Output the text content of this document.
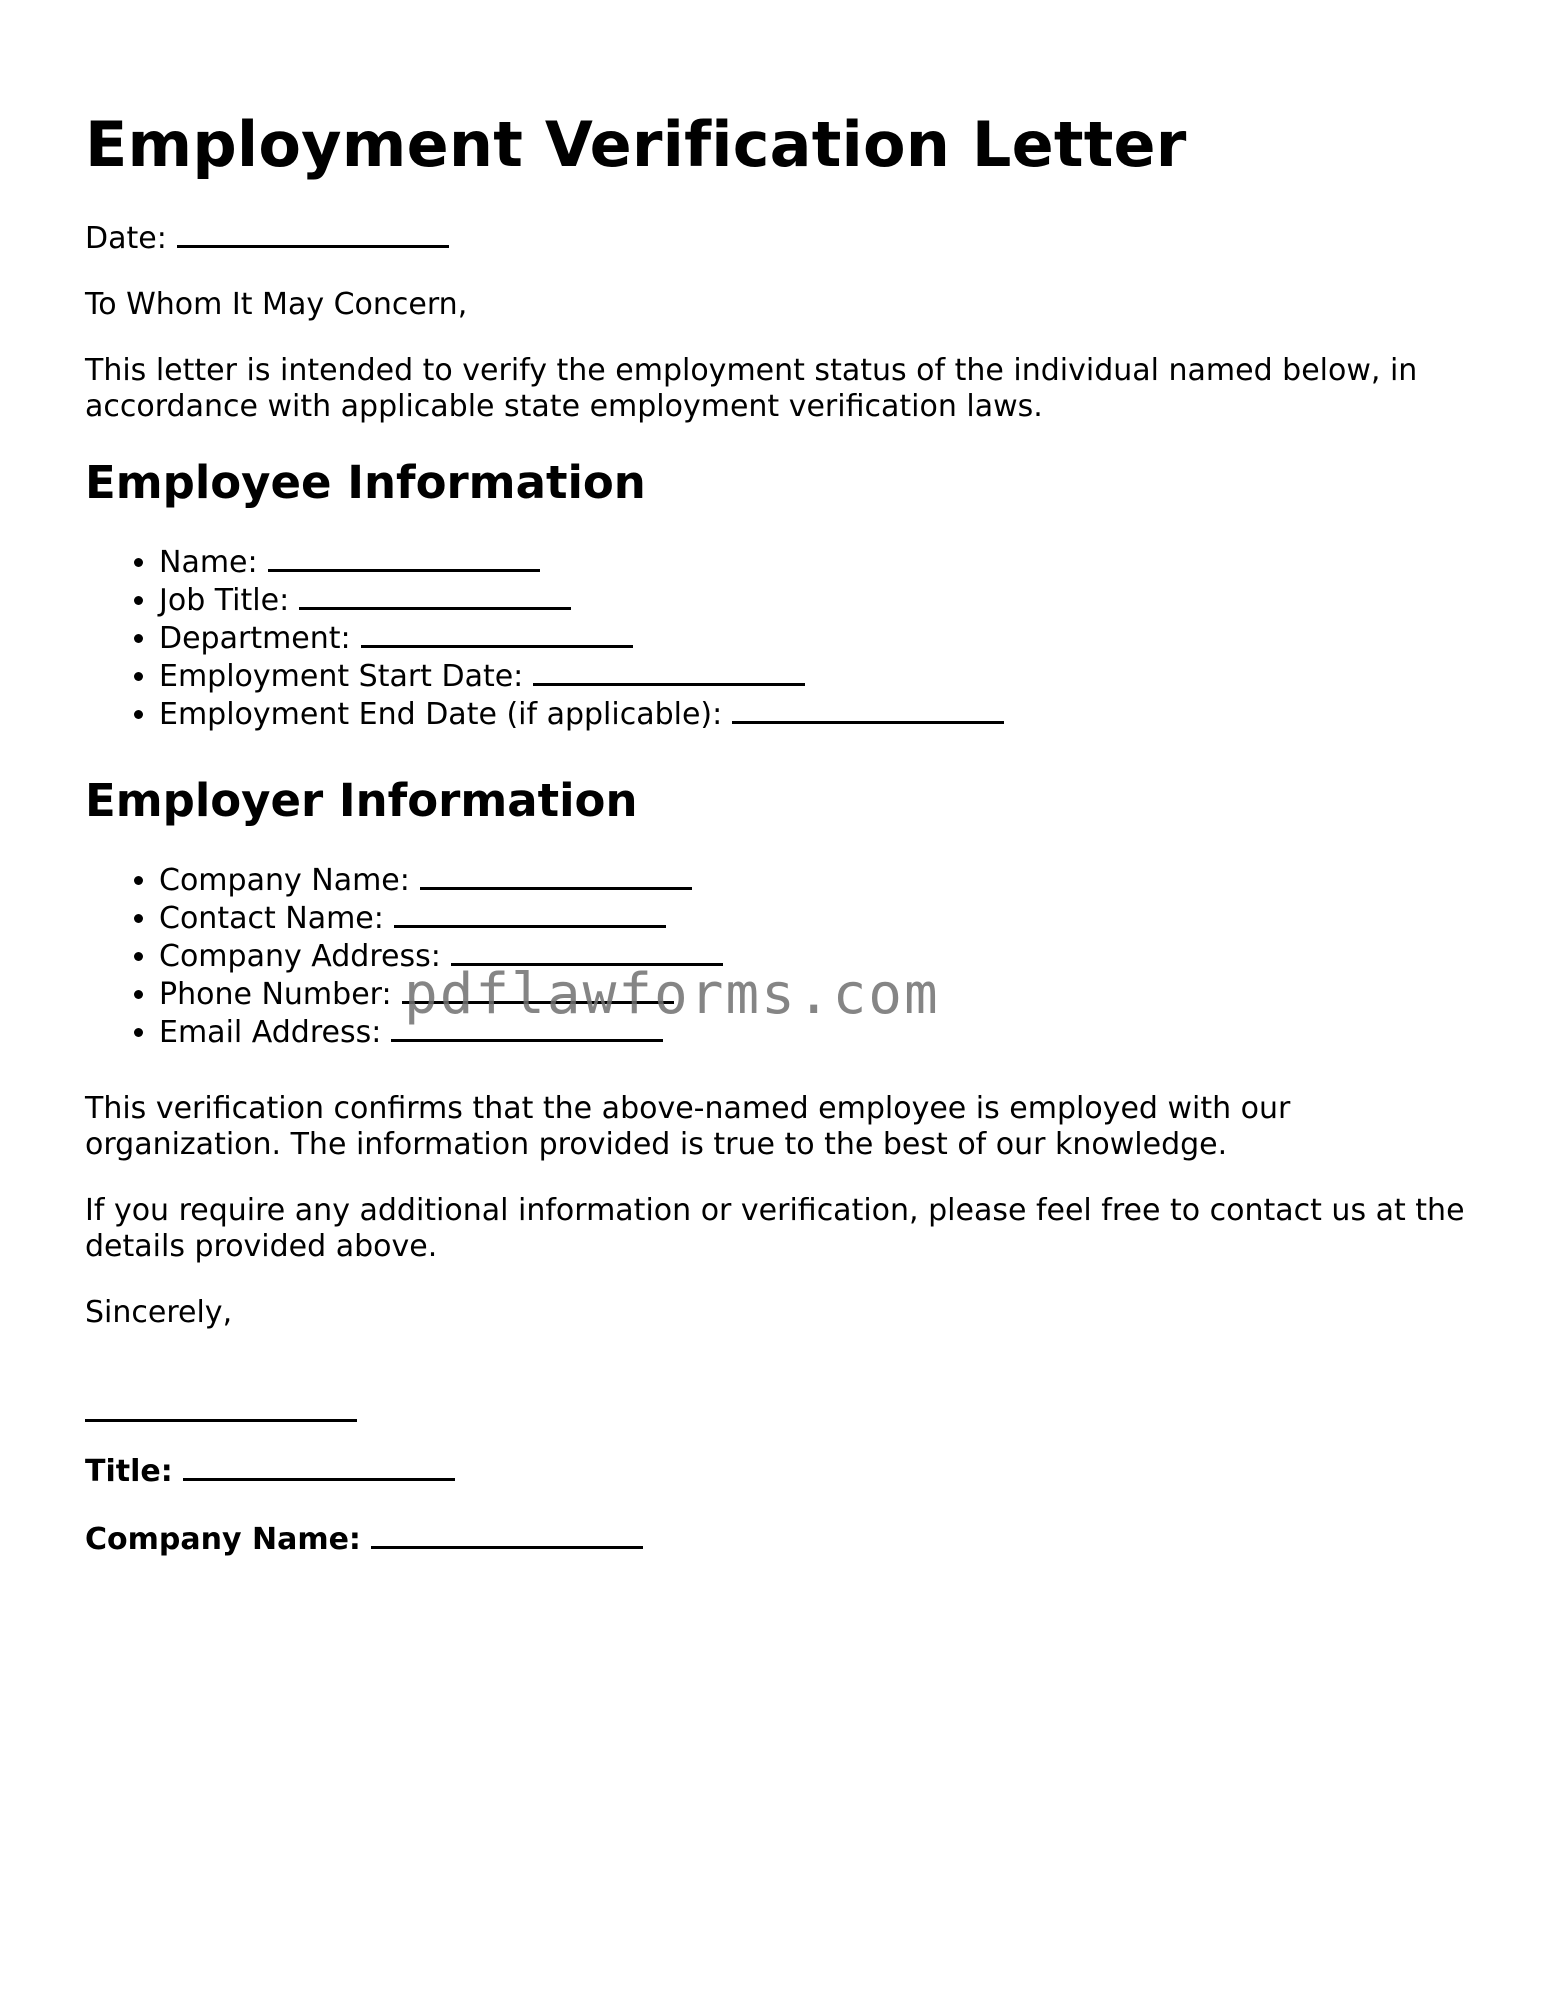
Employment Verification Letter

Date:

To Whom It May Concern,

This letter is intended to verify the employment status of the individual named below, in accordance with applicable state employment verification laws.

Employee Information
• Name:
• Job Title:
• Department:
• Employment Start Date:
• Employment End Date (if applicable):
Employer Information
• Company Name:
• Contact Name:
• Company Address:
• Phone Number:
• Email Address:

This verification confirms that the above-named employee is employed with our organization. The information provided is true to the best of our knowledge.

If you require any additional information or verification, please feel free to contact us at the details provided above.

Sincerely,

Title:

Company Name:

pdflawforms.com
